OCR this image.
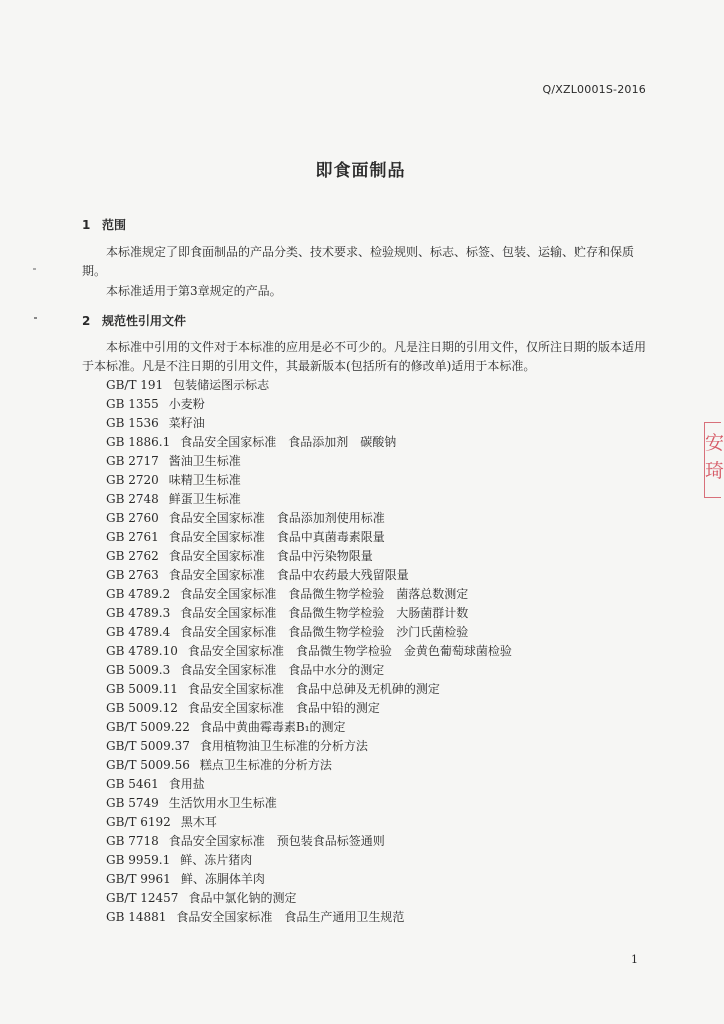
Q/XZL0001S-2016
即食面制品
1 范围

本标准规定了即食面制品的产品分类、技术要求、检验规则、标志、标签、包装、运输、贮存和保质期。

本标准适用于第3章规定的产品。

2 规范性引用文件

本标准中引用的文件对于本标准的应用是必不可少的。凡是注日期的引用文件，仅所注日期的版本适用于本标准。凡是不注日期的引用文件，其最新版本(包括所有的修改单)适用于本标准。

GB/T 191 包装储运图示标志
GB 1355 小麦粉
GB 1536 菜籽油
GB 1886.1 食品安全国家标准　食品添加剂　碳酸钠
GB 2717 酱油卫生标准
GB 2720 味精卫生标准
GB 2748 鲜蛋卫生标准
GB 2760 食品安全国家标准　食品添加剂使用标准
GB 2761 食品安全国家标准　食品中真菌毒素限量
GB 2762 食品安全国家标准　食品中污染物限量
GB 2763 食品安全国家标准　食品中农药最大残留限量
GB 4789.2 食品安全国家标准　食品微生物学检验　菌落总数测定
GB 4789.3 食品安全国家标准　食品微生物学检验　大肠菌群计数
GB 4789.4 食品安全国家标准　食品微生物学检验　沙门氏菌检验
GB 4789.10 食品安全国家标准　食品微生物学检验　金黄色葡萄球菌检验
GB 5009.3 食品安全国家标准　食品中水分的测定
GB 5009.11 食品安全国家标准　食品中总砷及无机砷的测定
GB 5009.12 食品安全国家标准　食品中铅的测定
GB/T 5009.22 食品中黄曲霉毒素B₁的测定
GB/T 5009.37 食用植物油卫生标准的分析方法
GB/T 5009.56 糕点卫生标准的分析方法
GB 5461 食用盐
GB 5749 生活饮用水卫生标准
GB/T 6192 黑木耳
GB 7718 食品安全国家标准　预包装食品标签通则
GB 9959.1 鲜、冻片猪肉
GB/T 9961 鲜、冻胴体羊肉
GB/T 12457 食品中氯化钠的测定
GB 14881 食品安全国家标准　食品生产通用卫生规范
安
琦
1
